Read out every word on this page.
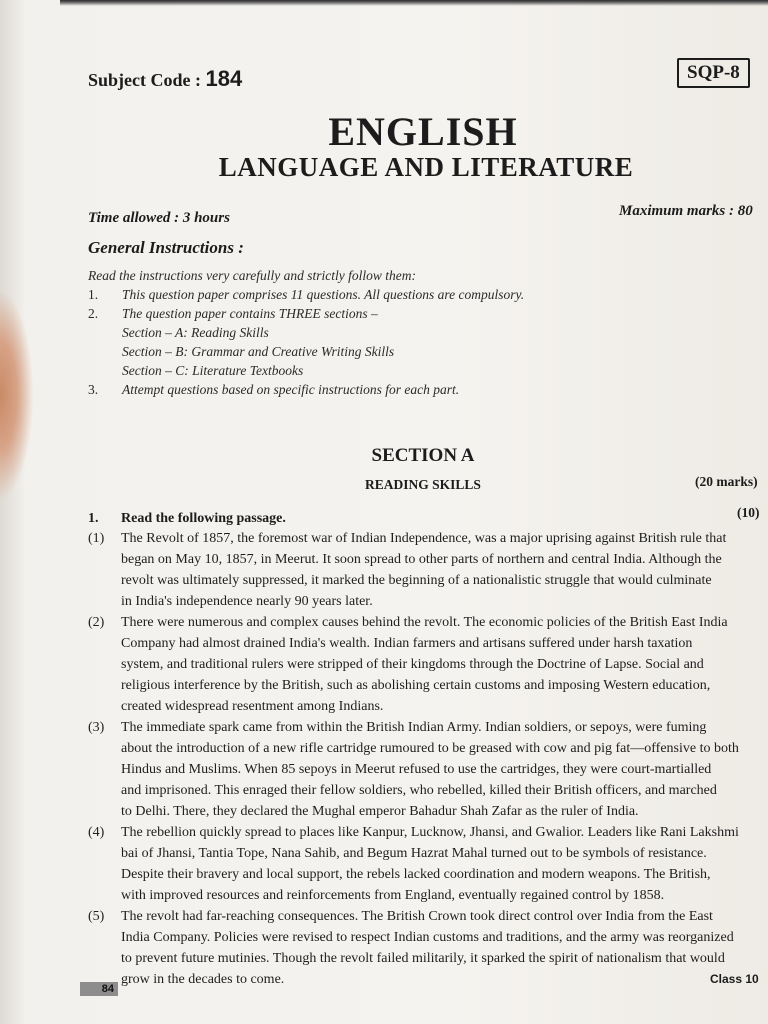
Subject Code : 184	SQP-8
ENGLISH
LANGUAGE AND LITERATURE
Time allowed : 3 hours	Maximum marks : 80
General Instructions :
Read the instructions very carefully and strictly follow them:
1. This question paper comprises 11 questions. All questions are compulsory.
2. The question paper contains THREE sections –
Section – A: Reading Skills
Section – B: Grammar and Creative Writing Skills
Section – C: Literature Textbooks
3. Attempt questions based on specific instructions for each part.
SECTION A
READING SKILLS	(20 marks)
1. Read the following passage.	(10)
(1) The Revolt of 1857, the foremost war of Indian Independence, was a major uprising against British rule that
began on May 10, 1857, in Meerut. It soon spread to other parts of northern and central India. Although the
revolt was ultimately suppressed, it marked the beginning of a nationalistic struggle that would culminate
in India's independence nearly 90 years later.
(2) There were numerous and complex causes behind the revolt. The economic policies of the British East India
Company had almost drained India's wealth. Indian farmers and artisans suffered under harsh taxation
system, and traditional rulers were stripped of their kingdoms through the Doctrine of Lapse. Social and
religious interference by the British, such as abolishing certain customs and imposing Western education,
created widespread resentment among Indians.
(3) The immediate spark came from within the British Indian Army. Indian soldiers, or sepoys, were fuming
about the introduction of a new rifle cartridge rumoured to be greased with cow and pig fat—offensive to both
Hindus and Muslims. When 85 sepoys in Meerut refused to use the cartridges, they were court-martialled
and imprisoned. This enraged their fellow soldiers, who rebelled, killed their British officers, and marched
to Delhi. There, they declared the Mughal emperor Bahadur Shah Zafar as the ruler of India.
(4) The rebellion quickly spread to places like Kanpur, Lucknow, Jhansi, and Gwalior. Leaders like Rani Lakshmi
bai of Jhansi, Tantia Tope, Nana Sahib, and Begum Hazrat Mahal turned out to be symbols of resistance.
Despite their bravery and local support, the rebels lacked coordination and modern weapons. The British,
with improved resources and reinforcements from England, eventually regained control by 1858.
(5) The revolt had far-reaching consequences. The British Crown took direct control over India from the East
India Company. Policies were revised to respect Indian customs and traditions, and the army was reorganized
to prevent future mutinies. Though the revolt failed militarily, it sparked the spirit of nationalism that would
grow in the decades to come.
84
Class 10
